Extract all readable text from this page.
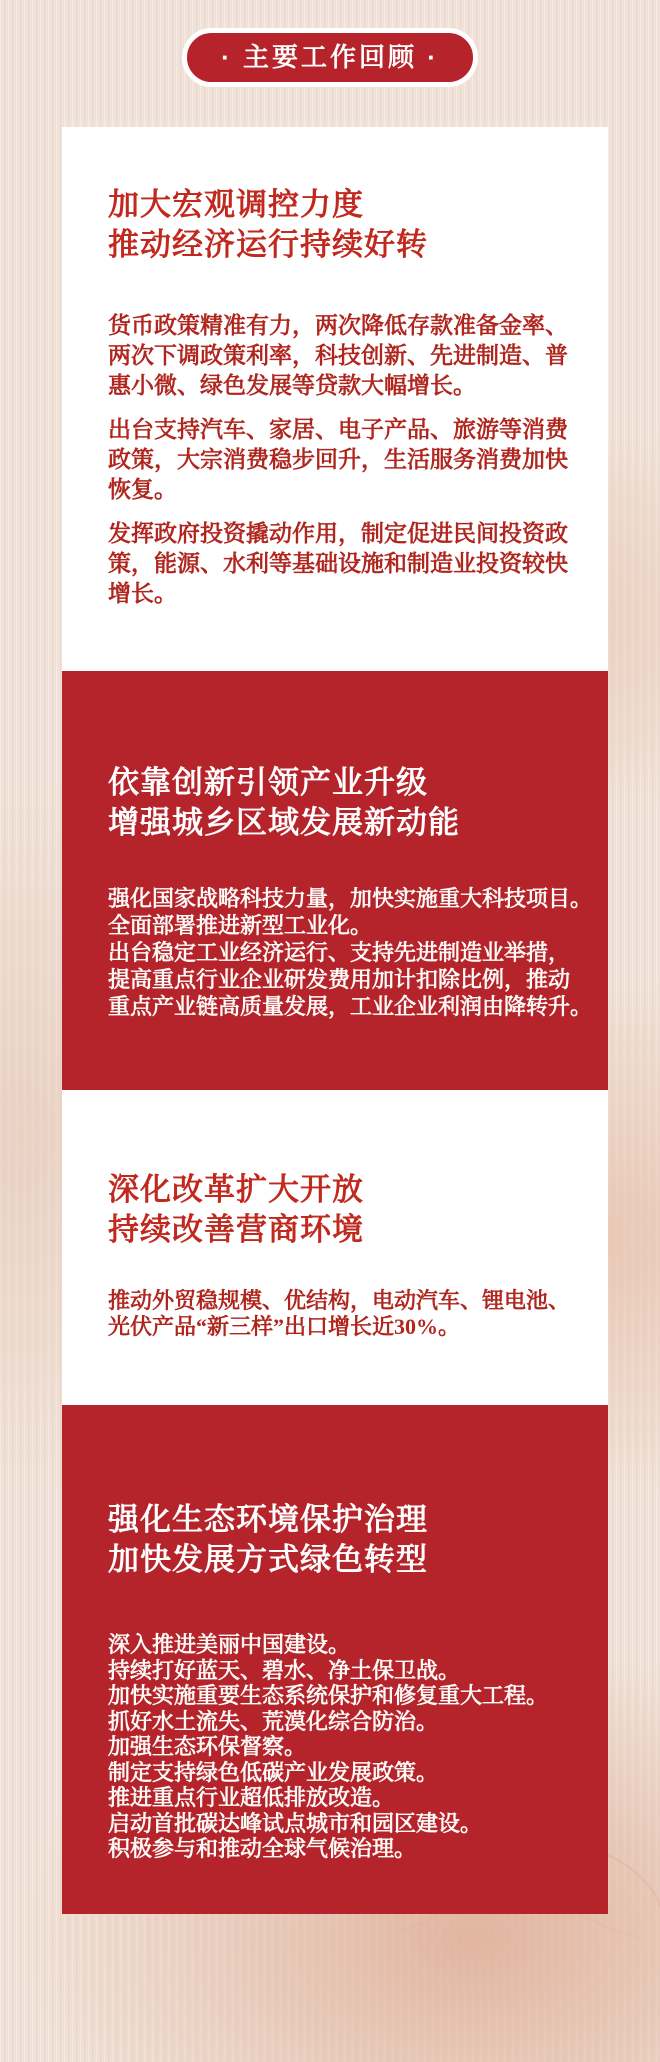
· 主要工作回顾 ·
加大宏观调控力度
推动经济运行持续好转
货币政策精准有力，两次降低存款准备金率、
两次下调政策利率，科技创新、先进制造、普
惠小微、绿色发展等贷款大幅增长。
出台支持汽车、家居、电子产品、旅游等消费
政策，大宗消费稳步回升，生活服务消费加快
恢复。
发挥政府投资撬动作用，制定促进民间投资政
策，能源、水利等基础设施和制造业投资较快
增长。
依靠创新引领产业升级
增强城乡区域发展新动能
强化国家战略科技力量，加快实施重大科技项目。
全面部署推进新型工业化。
出台稳定工业经济运行、支持先进制造业举措，
提高重点行业企业研发费用加计扣除比例，推动
重点产业链高质量发展，工业企业利润由降转升。
深化改革扩大开放
持续改善营商环境
推动外贸稳规模、优结构，电动汽车、锂电池、
光伏产品“新三样”出口增长近30%。
强化生态环境保护治理
加快发展方式绿色转型
深入推进美丽中国建设。
持续打好蓝天、碧水、净土保卫战。
加快实施重要生态系统保护和修复重大工程。
抓好水土流失、荒漠化综合防治。
加强生态环保督察。
制定支持绿色低碳产业发展政策。
推进重点行业超低排放改造。
启动首批碳达峰试点城市和园区建设。
积极参与和推动全球气候治理。
